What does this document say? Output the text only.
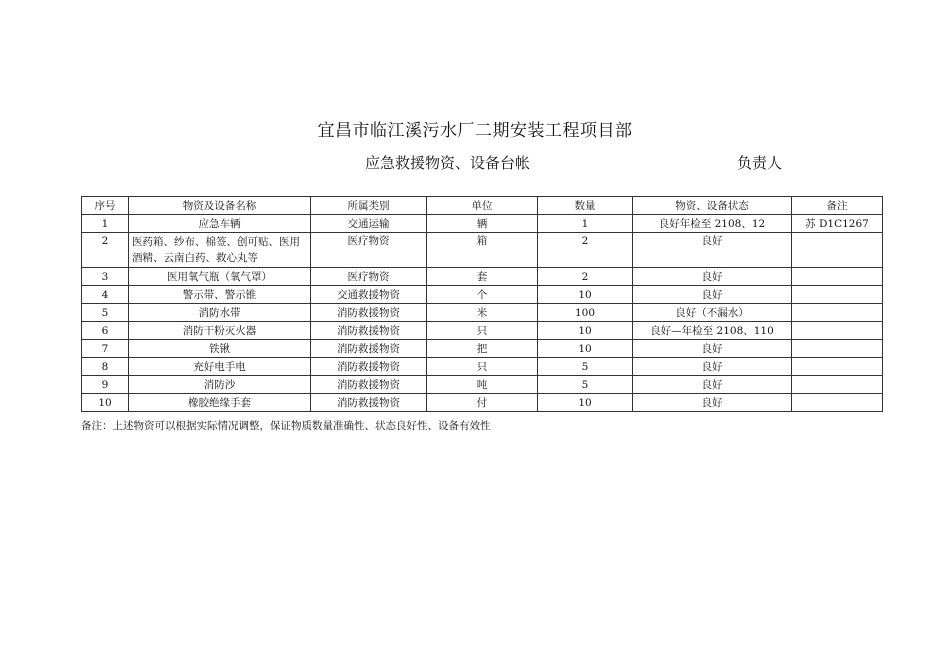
宜昌市临江溪污水厂二期安装工程项目部
应急救援物资、设备台帐	负责人
序号	物资及设备名称	所属类别	单位	数量	物资、设备状态	备注
1	应急车辆	交通运输	辆	1	良好年检至 2108、12	苏 D1C1267
2	医药箱、纱布、棉签、创可贴、医用酒精、云南白药、救心丸等	医疗物资	箱	2	良好	
3	医用氧气瓶（氧气罩）	医疗物资	套	2	良好	
4	警示带、警示锥	交通救援物资	个	10	良好	
5	消防水带	消防救援物资	米	100	良好（不漏水）	
6	消防干粉灭火器	消防救援物资	只	10	良好—年检至 2108、110	
7	铁锹	消防救援物资	把	10	良好	
8	充好电手电	消防救援物资	只	5	良好	
9	消防沙	消防救援物资	吨	5	良好	
10	橡胶绝缘手套	消防救援物资	付	10	良好	
备注：上述物资可以根据实际情况调整，保证物质数量准确性、状态良好性、设备有效性
